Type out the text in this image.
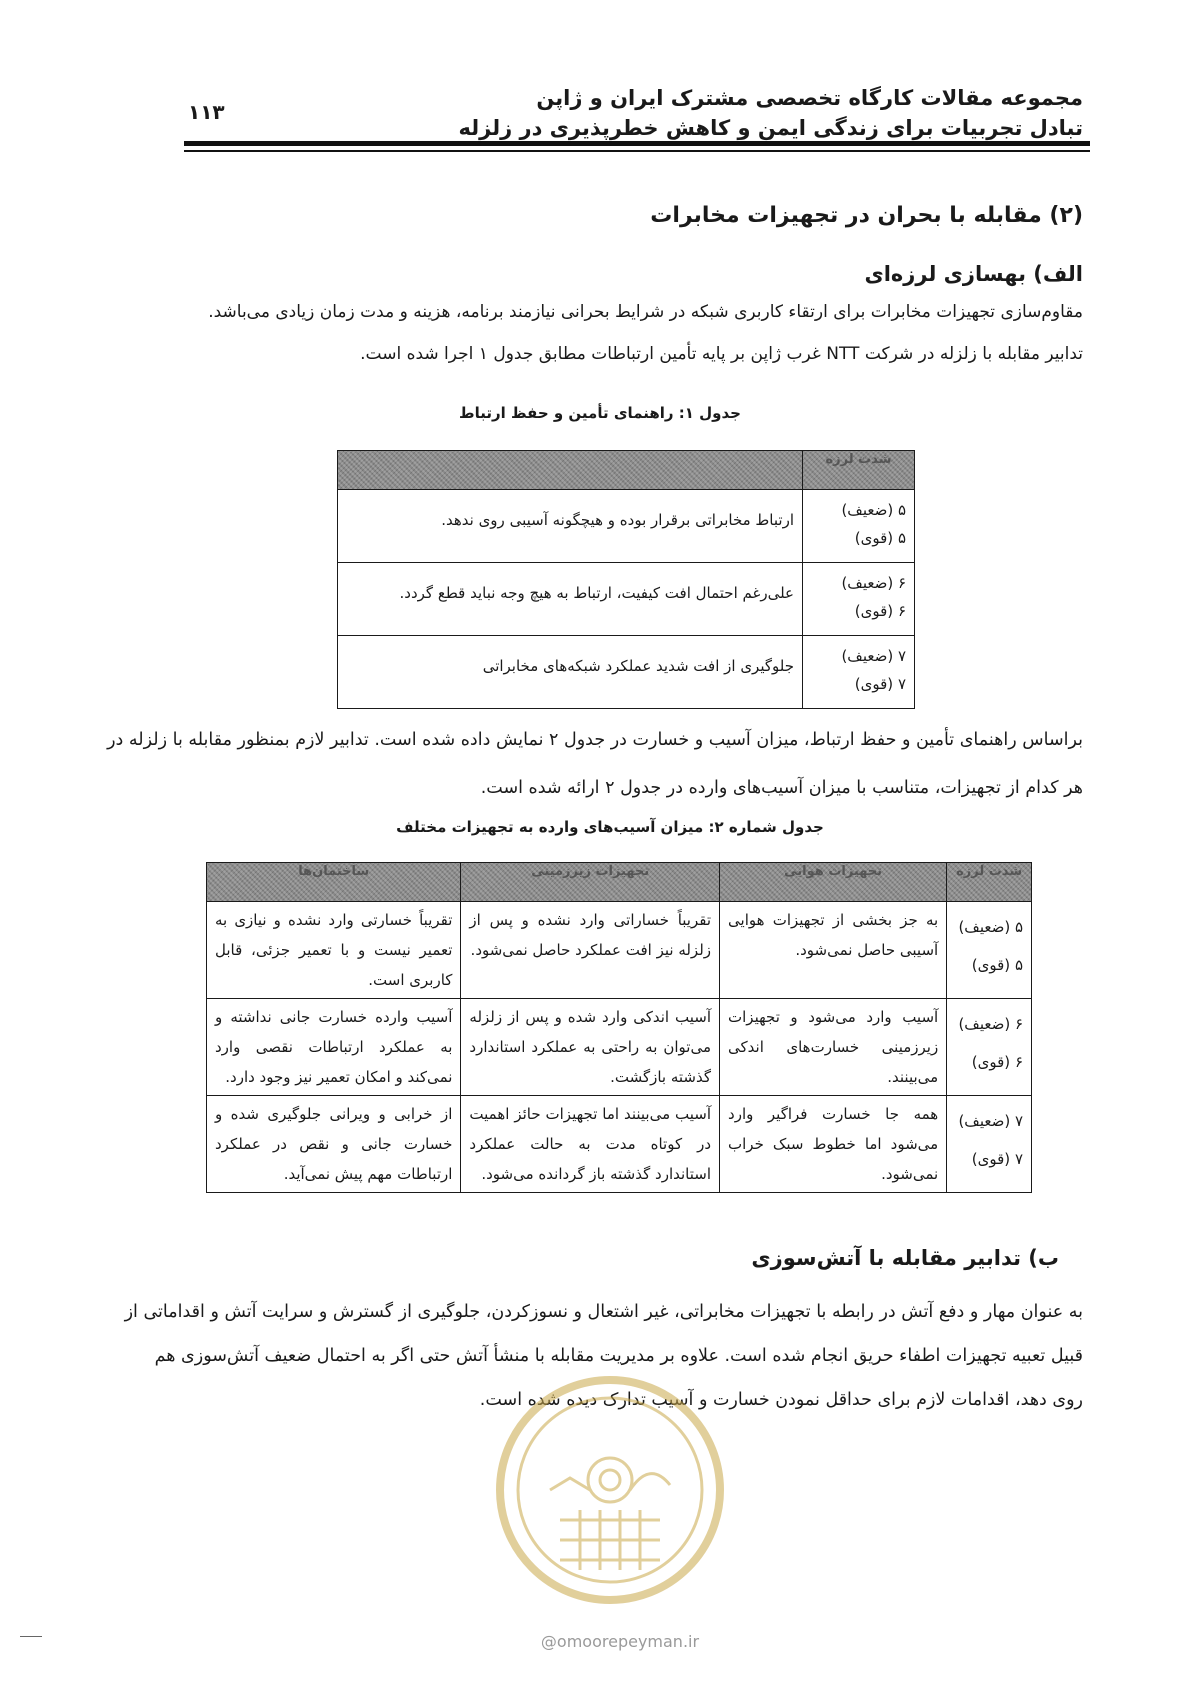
مجموعه مقالات کارگاه تخصصی مشترک ایران و ژاپن
تبادل تجربیات برای زندگی ایمن و کاهش خطرپذیری در زلزله
۱۱۳
(۲) مقابله با بحران در تجهیزات مخابرات
الف) بهسازی لرزه‌ای
مقاوم‌سازی تجهیزات مخابرات برای ارتقاء کاربری شبکه در شرایط بحرانی نیازمند برنامه، هزینه و مدت زمان زیادی می‌باشد.
تدابیر مقابله با زلزله در شرکت NTT غرب ژاپن بر پایه تأمین ارتباطات مطابق جدول ۱ اجرا شده است.
جدول ۱: راهنمای تأمین و حفظ ارتباط
شدت لرزه	

۵ (ضعیف)
۵ (قوی)	ارتباط مخابراتی برقرار بوده و هیچگونه آسیبی روی ندهد.

۶ (ضعیف)
۶ (قوی)	علی‌رغم احتمال افت کیفیت، ارتباط به هیچ وجه نباید قطع گردد.

۷ (ضعیف)
۷ (قوی)	جلوگیری از افت شدید عملکرد شبکه‌های مخابراتی
براساس راهنمای تأمین و حفظ ارتباط، میزان آسیب و خسارت در جدول ۲ نمایش داده شده است. تدابیر لازم بمنظور مقابله با زلزله در هر کدام از تجهیزات، متناسب با میزان آسیب‌های وارده در جدول ۲ ارائه شده است.
جدول شماره ۲: میزان آسیب‌های وارده به تجهیزات مختلف
شدت لرزه	تجهیزات هوایی	تجهیزات زیرزمینی	ساختمان‌ها

۵ (ضعیف)
۵ (قوی)	به جز بخشی از تجهیزات هوایی آسیبی حاصل نمی‌شود.	تقریباً خساراتی وارد نشده و پس از زلزله نیز افت عملکرد حاصل نمی‌شود.	تقریباً خسارتی وارد نشده و نیازی به تعمیر نیست و با تعمیر جزئی، قابل کاربری است.

۶ (ضعیف)
۶ (قوی)	آسیب وارد می‌شود و تجهیزات زیرزمینی خسارت‌های اندکی می‌بینند.	آسیب اندکی وارد شده و پس از زلزله می‌توان به راحتی به عملکرد استاندارد گذشته بازگشت.	آسیب وارده خسارت جانی نداشته و به عملکرد ارتباطات نقصی وارد نمی‌کند و امکان تعمیر نیز وجود دارد.

۷ (ضعیف)
۷ (قوی)	همه جا خسارت فراگیر وارد می‌شود اما خطوط سبک خراب نمی‌شود.	آسیب می‌بینند اما تجهیزات حائز اهمیت در کوتاه مدت به حالت عملکرد استاندارد گذشته باز گردانده می‌شود.	از خرابی و ویرانی جلوگیری شده و خسارت جانی و نقص در عملکرد ارتباطات مهم پیش نمی‌آید.
ب) تدابیر مقابله با آتش‌سوزی
به عنوان مهار و دفع آتش در رابطه با تجهیزات مخابراتی، غیر اشتعال و نسوزکردن، جلوگیری از گسترش و سرایت آتش و اقداماتی از قبیل تعبیه تجهیزات اطفاء حریق انجام شده است. علاوه بر مدیریت مقابله با منشأ آتش حتی اگر به احتمال ضعیف آتش‌سوزی هم روی دهد، اقدامات لازم برای حداقل نمودن خسارت و آسیب تدارک دیده شده است.
@omoorepeyman.ir
